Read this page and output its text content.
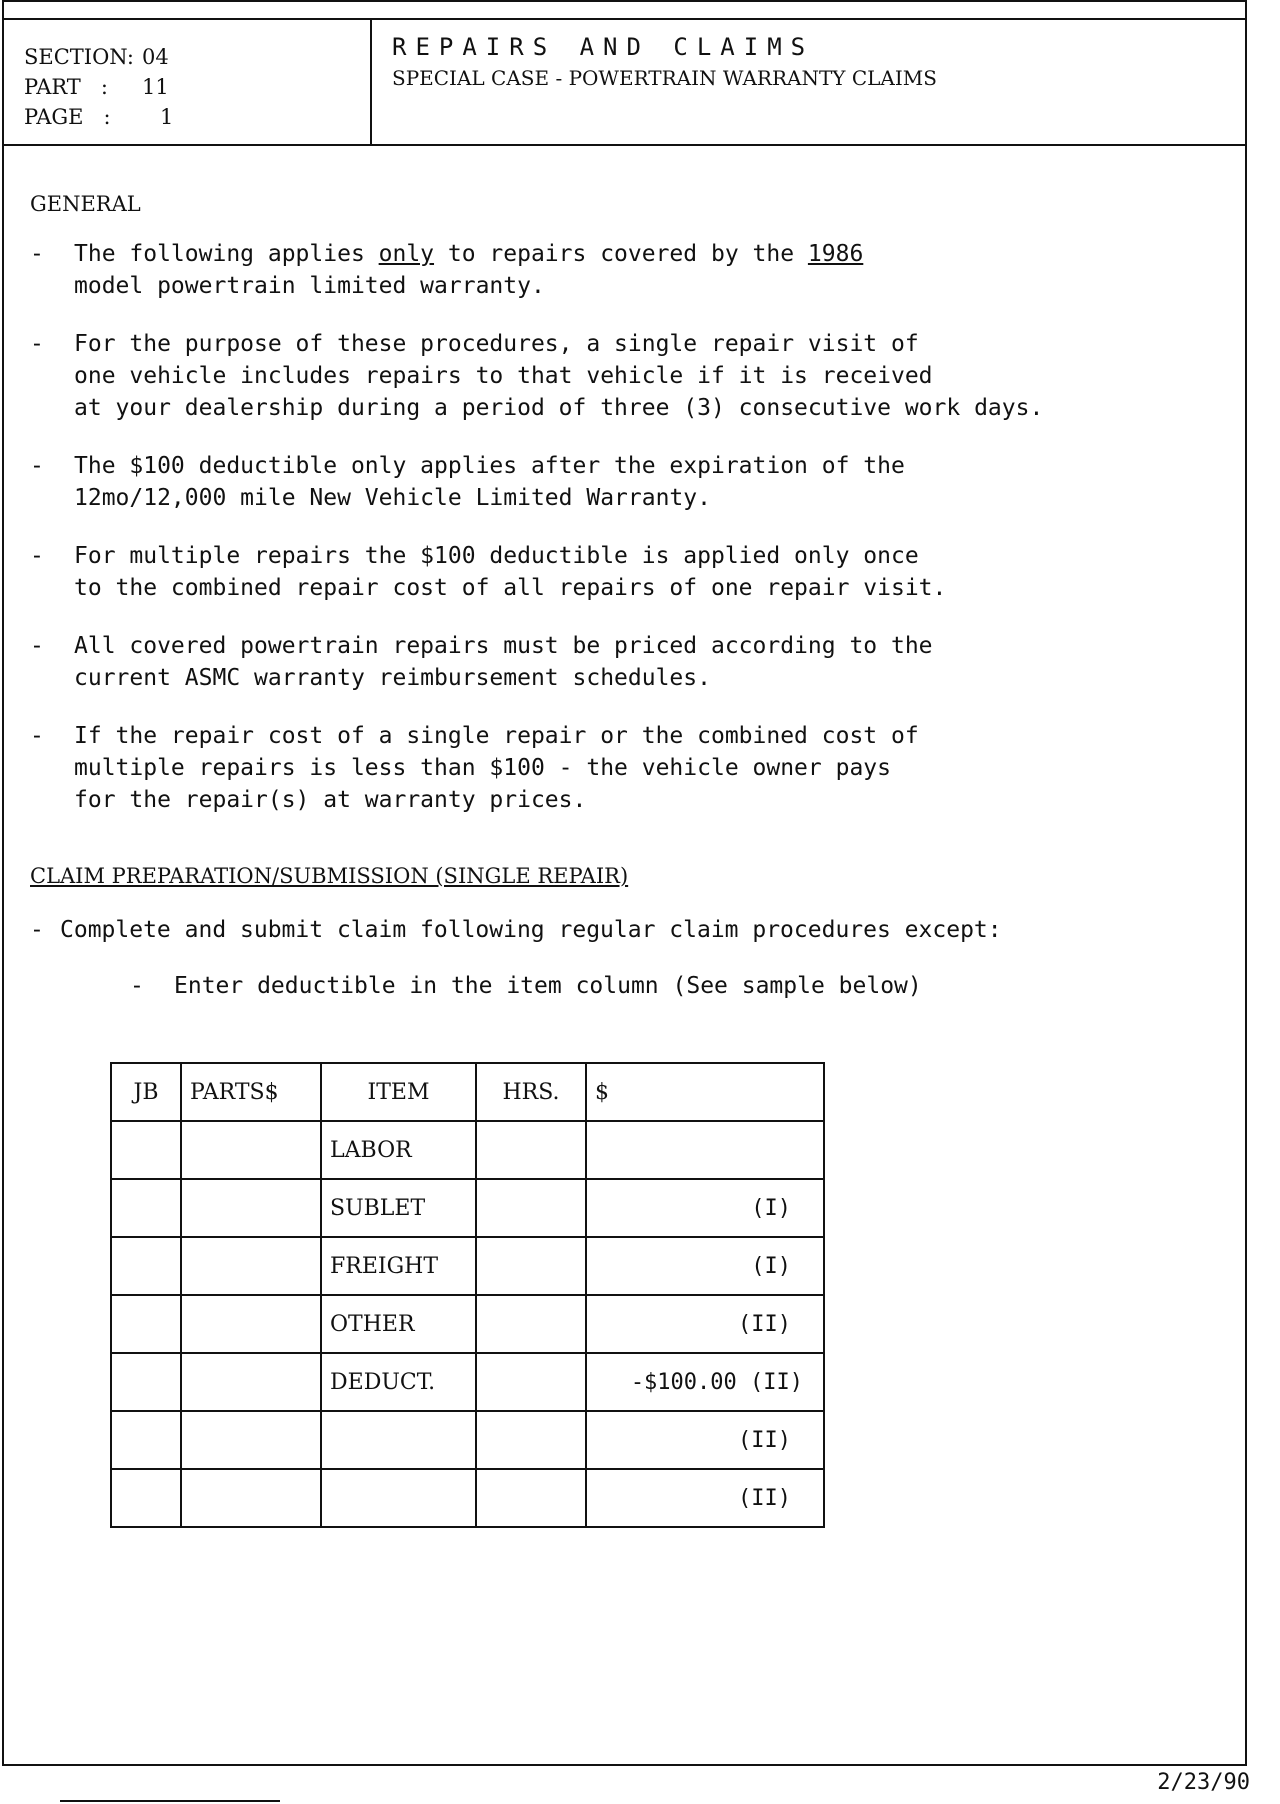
SECTION: 04
PART   :	11
PAGE   :	1
REPAIRS AND CLAIMS
SPECIAL CASE - POWERTRAIN WARRANTY CLAIMS
GENERAL
-	The following applies only to repairs covered by the 1986
model powertrain limited warranty.
-	For the purpose of these procedures, a single repair visit of
one vehicle includes repairs to that vehicle if it is received
at your dealership during a period of three (3) consecutive work days.
-	The $100 deductible only applies after the expiration of the
12mo/12,000 mile New Vehicle Limited Warranty.
-	For multiple repairs the $100 deductible is applied only once
to the combined repair cost of all repairs of one repair visit.
-	All covered powertrain repairs must be priced according to the
current ASMC warranty reimbursement schedules.
-	If the repair cost of a single repair or the combined cost of
multiple repairs is less than $100 - the vehicle owner pays
for the repair(s) at warranty prices.
CLAIM PREPARATION/SUBMISSION (SINGLE REPAIR)
- Complete and submit claim following regular claim procedures except:
-	Enter deductible in the item column (See sample below)
JB	PARTS$	ITEM	HRS.	$
		LABOR		
		SUBLET		(I)
		FREIGHT		(I)
		OTHER		(II)
		DEDUCT.		-$100.00 (II)
				(II)
				(II)
2/23/90
